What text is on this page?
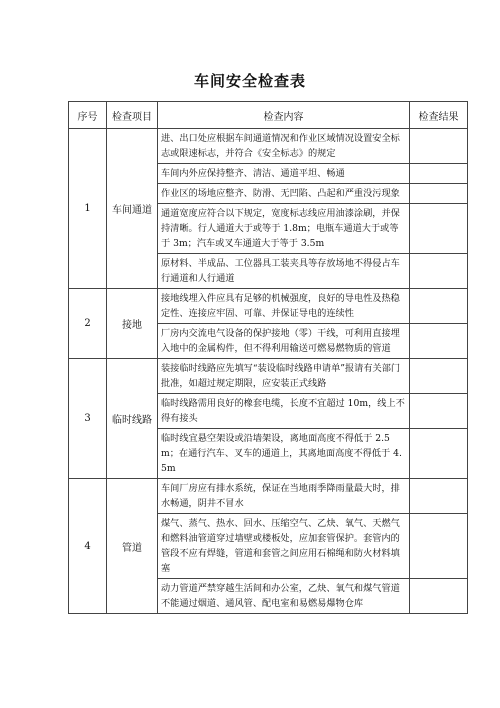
车间安全检查表
序号	检查项目	检查内容	检查结果
1	车间通道	进、出口处应根据车间通道情况和作业区域情况设置安全标志或限速标志，并符合《安全标志》的规定	
		车间内外应保持整齐、清洁、通道平坦、畅通	
		作业区的场地应整齐、防滑、无凹陷、凸起和严重没污现象	
		通道宽度应符合以下规定，宽度标志线应用油漆涂刷，并保持清晰。行人通道大于或等于 1.8m；电瓶车通道大于或等于 3m；汽车或叉车通道大于等于 3.5m	
		原材料、半成品、工位器具工装夹具等存放场地不得侵占车行通道和人行通道	
2	接地	接地线埋入件应具有足够的机械强度，良好的导电性及热稳定性、连接应牢固、可靠、并保证导电的连续性	
		厂房内交流电气设备的保护接地（零）干线，可利用直接埋入地中的金属构件，但不得利用输送可燃易燃物质的管道	
3	临时线路	装接临时线路应先填写“装设临时线路申请单”报请有关部门批准，如超过规定期限，应安装正式线路	
		临时线路需用良好的橡套电缆，长度不宜超过 10m，线上不得有接头	
		临时线宜悬空架设或沿墙架设，离地面高度不得低于 2.5m；在通行汽车、叉车的通道上，其离地面高度不得低于 4.5m	
4	管道	车间厂房应有排水系统，保证在当地雨季降雨量最大时，排水畅通，阴井不冒水	
		煤气、蒸气、热水、回水、压缩空气、乙炔、氧气、天燃气和燃料油管道穿过墙壁或楼板处，应加套管保护。套管内的管段不应有焊缝，管道和套管之间应用石棉绳和防火材料填塞	
		动力管道严禁穿越生活间和办公室，乙炔、氧气和煤气管道不能通过烟道、通风管、配电室和易燃易爆物仓库	
